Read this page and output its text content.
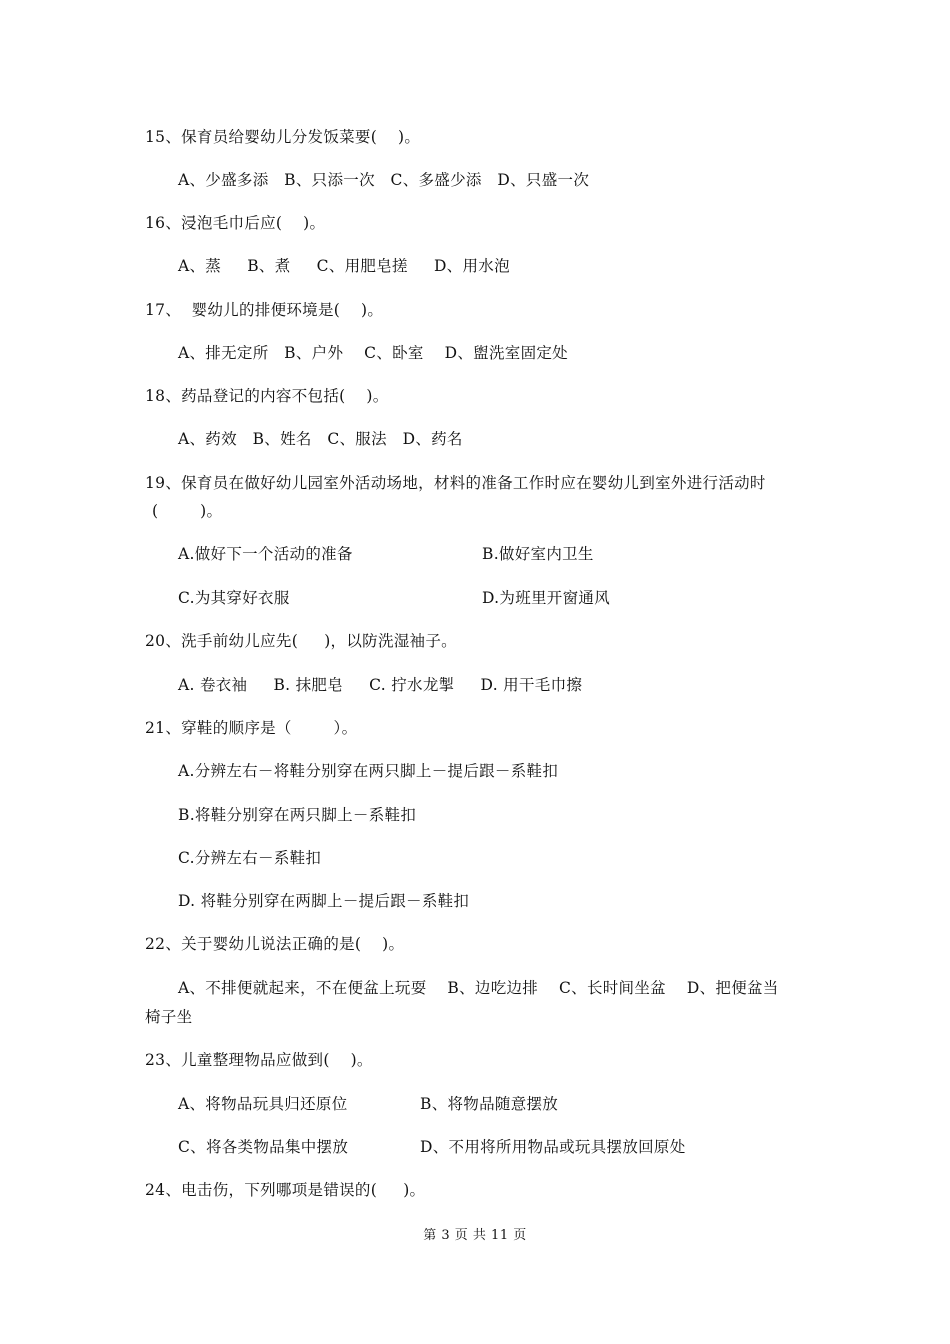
15、保育员给婴幼儿分发饭菜要(    )。
A、少盛多添   B、只添一次   C、多盛少添   D、只盛一次
16、浸泡毛巾后应(    )。
A、蒸     B、煮     C、用肥皂搓     D、用水泡
17、  婴幼儿的排便环境是(    )。
A、排无定所   B、户外    C、卧室    D、盥洗室固定处
18、药品登记的内容不包括(    )。
A、药效   B、姓名   C、服法   D、药名
19、保育员在做好幼儿园室外活动场地，材料的准备工作时应在婴幼儿到室外进行活动时
(        )。
A.做好下一个活动的准备	B.做好室内卫生
C.为其穿好衣服	D.为班里开窗通风
20、洗手前幼儿应先(     )，以防洗湿袖子。
A. 卷衣袖     B. 抹肥皂     C. 拧水龙掣     D. 用干毛巾擦
21、穿鞋的顺序是（        ）。
A.分辨左右－将鞋分别穿在两只脚上－提后跟－系鞋扣
B.将鞋分别穿在两只脚上－系鞋扣
C.分辨左右－系鞋扣
D. 将鞋分别穿在两脚上－提后跟－系鞋扣
22、关于婴幼儿说法正确的是(    )。
A、不排便就起来，不在便盆上玩耍    B、边吃边排    C、长时间坐盆    D、把便盆当
椅子坐
23、儿童整理物品应做到(    )。
A、将物品玩具归还原位	B、将物品随意摆放
C、将各类物品集中摆放	D、不用将所用物品或玩具摆放回原处
24、电击伤，下列哪项是错误的(     )。
第 3 页 共 11 页
